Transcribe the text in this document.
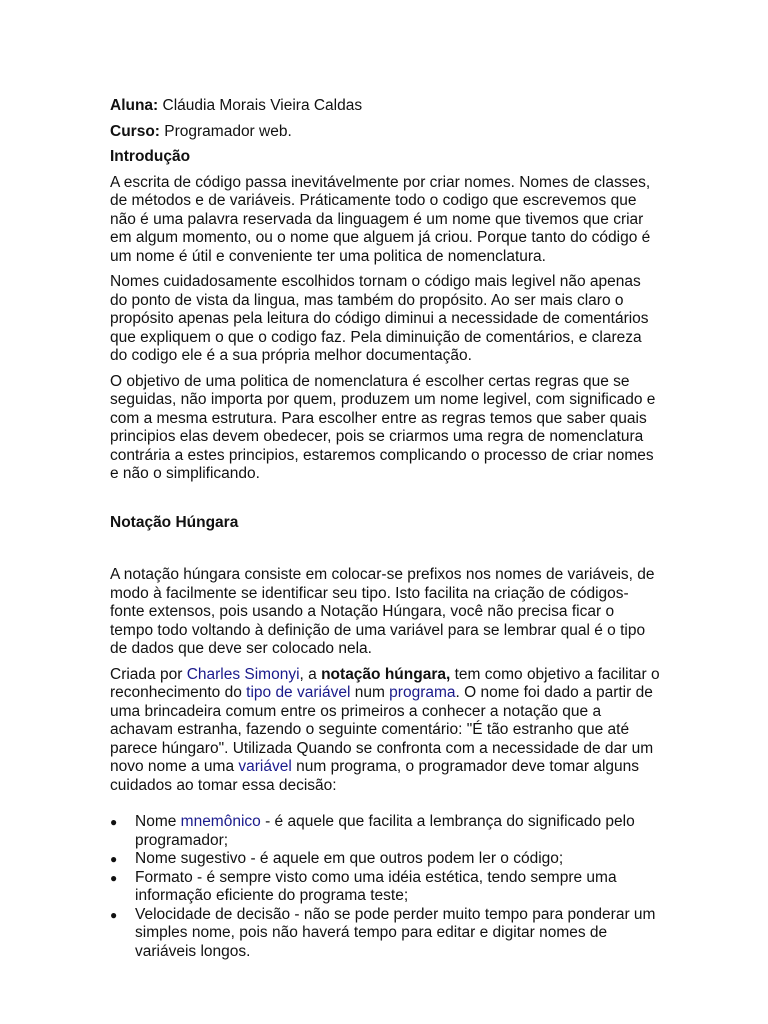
Aluna: Cláudia Morais Vieira Caldas

Curso: Programador web.

Introdução

A escrita de código passa inevitávelmente por criar nomes. Nomes de classes, de métodos e de variáveis. Práticamente todo o codigo que escrevemos que não é uma palavra reservada da linguagem é um nome que tivemos que criar em algum momento, ou o nome que alguem já criou. Porque tanto do código é um nome é útil e conveniente ter uma politica de nomenclatura.

Nomes cuidadosamente escolhidos tornam o código mais legivel não apenas do ponto de vista da lingua, mas também do propósito. Ao ser mais claro o propósito apenas pela leitura do código diminui a necessidade de comentários que expliquem o que o codigo faz. Pela diminuição de comentários, e clareza do codigo ele é a sua própria melhor documentação.

O objetivo de uma politica de nomenclatura é escolher certas regras que se seguidas, não importa por quem, produzem um nome legivel, com significado e com a mesma estrutura. Para escolher entre as regras temos que saber quais principios elas devem obedecer, pois se criarmos uma regra de nomenclatura contrária a estes principios, estaremos complicando o processo de criar nomes e não o simplificando.

Notação Húngara

A notação húngara consiste em colocar-se prefixos nos nomes de variáveis, de modo à facilmente se identificar seu tipo. Isto facilita na criação de códigos-fonte extensos, pois usando a Notação Húngara, você não precisa ficar o tempo todo voltando à definição de uma variável para se lembrar qual é o tipo de dados que deve ser colocado nela.

Criada por Charles Simonyi, a notação húngara, tem como objetivo a facilitar o reconhecimento do tipo de variável num programa. O nome foi dado a partir de uma brincadeira comum entre os primeiros a conhecer a notação que a achavam estranha, fazendo o seguinte comentário: "É tão estranho que até parece húngaro". Utilizada Quando se confronta com a necessidade de dar um novo nome a uma variável num programa, o programador deve tomar alguns cuidados ao tomar essa decisão:

● Nome mnemônico - é aquele que facilita a lembrança do significado pelo programador;
● Nome sugestivo - é aquele em que outros podem ler o código;
● Formato - é sempre visto como uma idéia estética, tendo sempre uma informação eficiente do programa teste;
● Velocidade de decisão - não se pode perder muito tempo para ponderar um simples nome, pois não haverá tempo para editar e digitar nomes de variáveis longos.
